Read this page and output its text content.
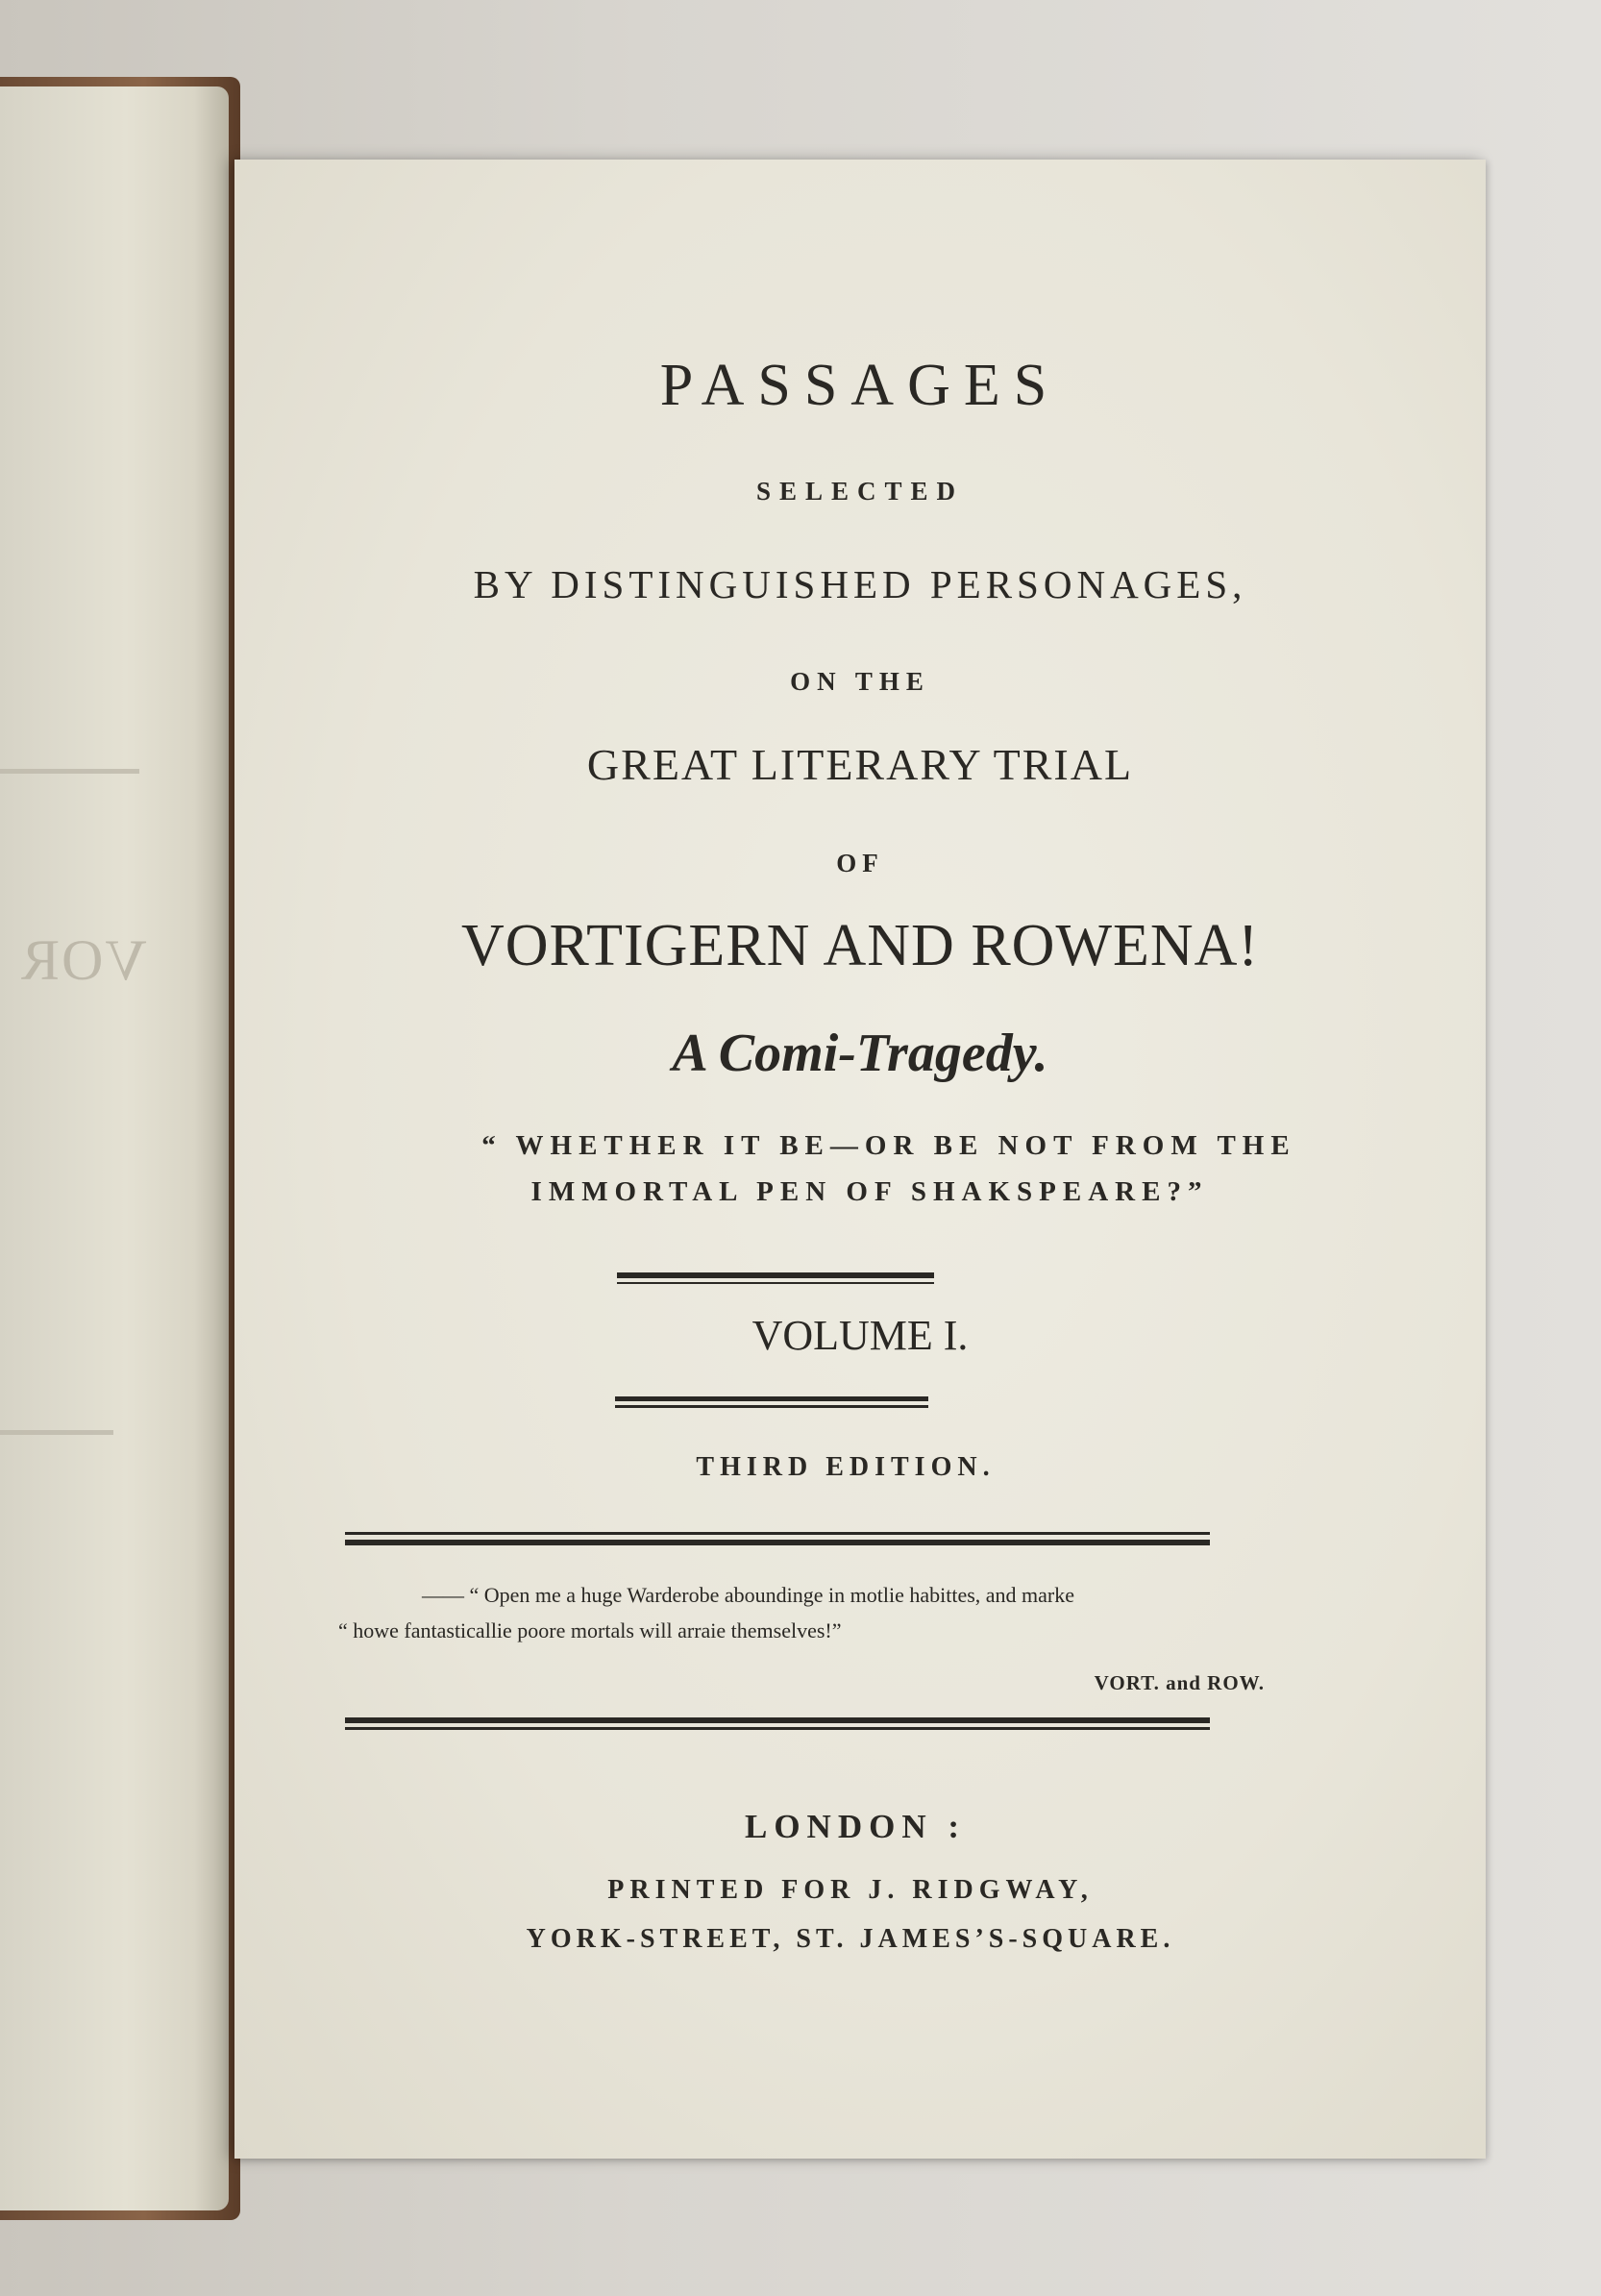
VOR
PASSAGES
SELECTED
BY DISTINGUISHED PERSONAGES,
ON THE
GREAT LITERARY TRIAL
OF
VORTIGERN AND ROWENA!
A Comi-Tragedy.
“ WHETHER IT BE—OR BE NOT FROM THE
IMMORTAL PEN OF SHAKSPEARE?”
VOLUME I.
THIRD EDITION.
—— “ Open me a huge Warderobe aboundinge in motlie habittes, and marke
“ howe fantasticallie poore mortals will arraie themselves!”
VORT. and ROW.
LONDON :
PRINTED FOR J. RIDGWAY,
YORK-STREET, ST. JAMES’S-SQUARE.
